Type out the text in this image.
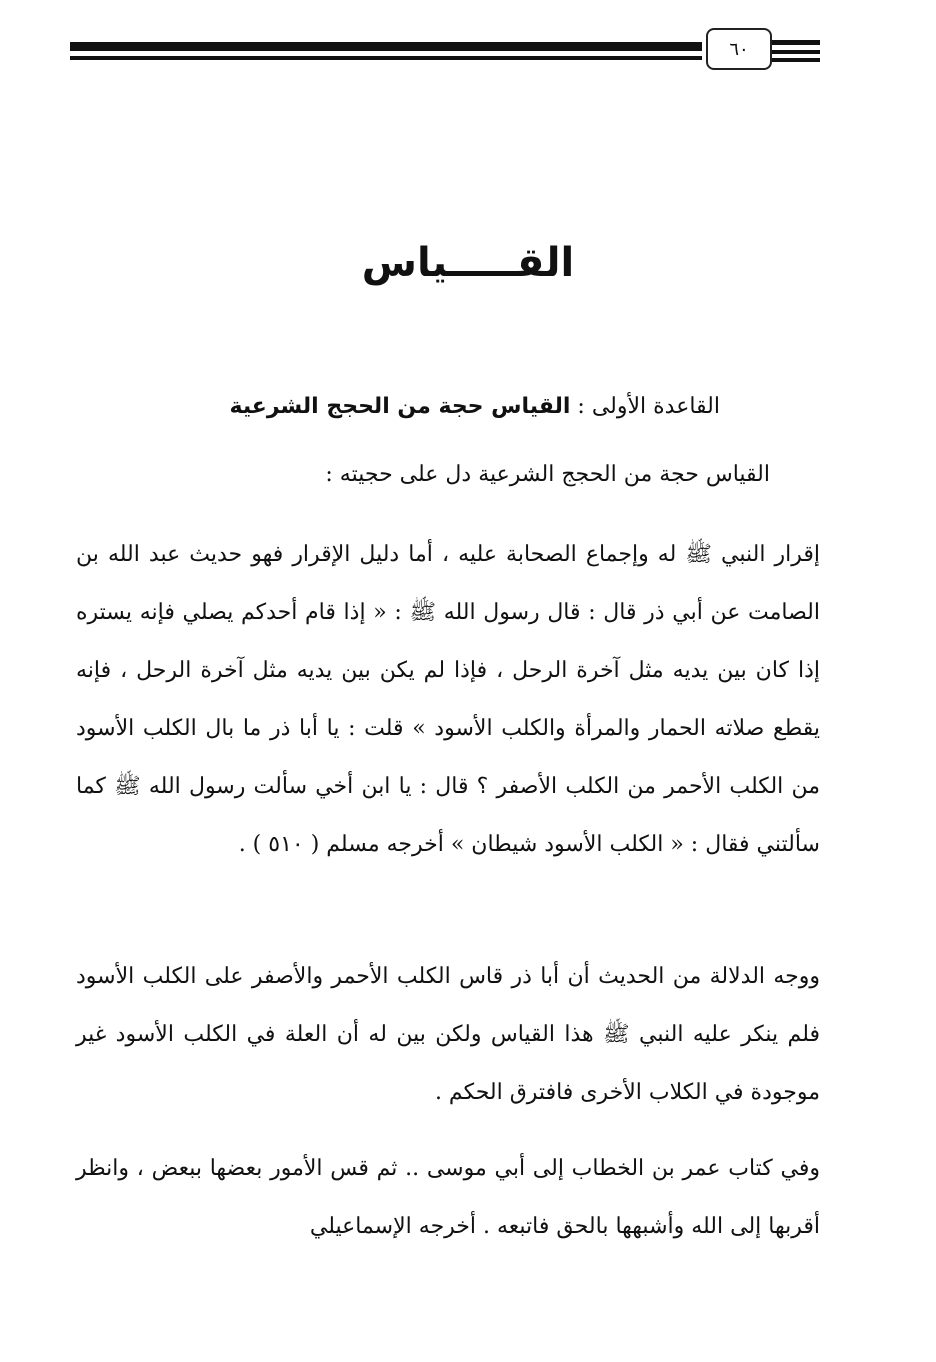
٦٠
القـــــياس

القاعدة الأولى : القياس حجة من الحجج الشرعية

القياس حجة من الحجج الشرعية دل على حجيته :

إقرار النبي ﷺ له وإجماع الصحابة عليه ، أما دليل الإقرار فهو حديث عبد الله بن الصامت عن أبي ذر قال : قال رسول الله ﷺ : « إذا قام أحدكم يصلي فإنه يستره إذا كان بين يديه مثل آخرة الرحل ، فإذا لم يكن بين يديه مثل آخرة الرحل ، فإنه يقطع صلاته الحمار والمرأة والكلب الأسود » قلت : يا أبا ذر ما بال الكلب الأسود من الكلب الأحمر من الكلب الأصفر ؟ قال : يا ابن أخي سألت رسول الله ﷺ كما سألتني فقال : « الكلب الأسود شيطان » أخرجه مسلم ( ٥١٠ ) .

ووجه الدلالة من الحديث أن أبا ذر قاس الكلب الأحمر والأصفر على الكلب الأسود فلم ينكر عليه النبي ﷺ هذا القياس ولكن بين له أن العلة في الكلب الأسود غير موجودة في الكلاب الأخرى فافترق الحكم .

وفي كتاب عمر بن الخطاب إلى أبي موسى .. ثم قس الأمور بعضها ببعض ، وانظر أقربها إلى الله وأشبهها بالحق فاتبعه . أخرجه الإسماعيلي
